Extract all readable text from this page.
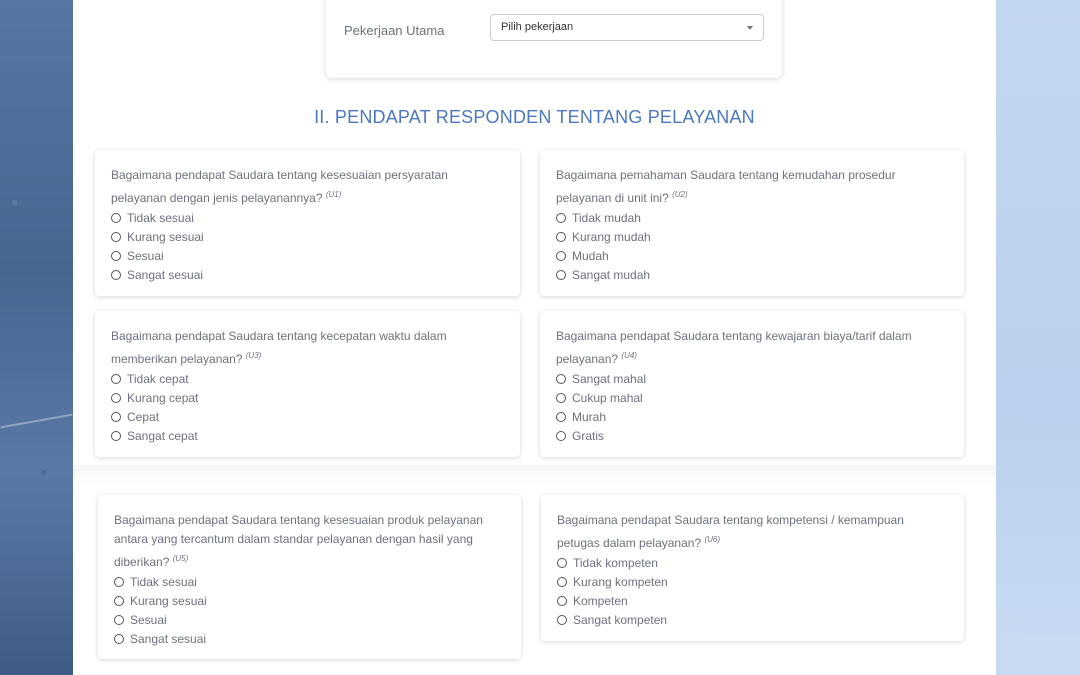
Pekerjaan Utama	Pilih pekerjaan
II. PENDAPAT RESPONDEN TENTANG PELAYANAN
Bagaimana pendapat Saudara tentang kesesuaian persyaratan pelayanan dengan jenis pelayanannya? $^{(U1)}$
Tidak sesuai
Kurang sesuai
Sesuai
Sangat sesuai
Bagaimana pemahaman Saudara tentang kemudahan prosedur pelayanan di unit ini? $^{(U2)}$
Tidak mudah
Kurang mudah
Mudah
Sangat mudah
Bagaimana pendapat Saudara tentang kecepatan waktu dalam memberikan pelayanan? $^{(U3)}$
Tidak cepat
Kurang cepat
Cepat
Sangat cepat
Bagaimana pendapat Saudara tentang kewajaran biaya/tarif dalam pelayanan? $^{(U4)}$
Sangat mahal
Cukup mahal
Murah
Gratis
Bagaimana pendapat Saudara tentang kesesuaian produk pelayanan antara yang tercantum dalam standar pelayanan dengan hasil yang diberikan? $^{(U5)}$
Tidak sesuai
Kurang sesuai
Sesuai
Sangat sesuai
Bagaimana pendapat Saudara tentang kompetensi / kemampuan petugas dalam pelayanan? $^{(U6)}$
Tidak kompeten
Kurang kompeten
Kompeten
Sangat kompeten
